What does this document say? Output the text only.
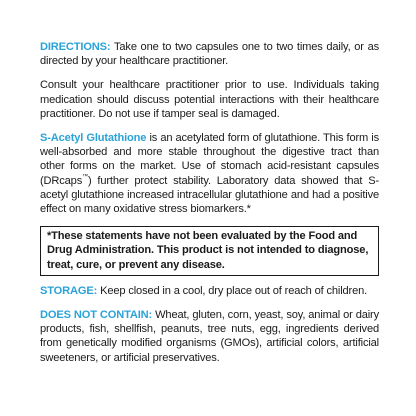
DIRECTIONS: Take one to two capsules one to two times daily, or as directed by your healthcare practitioner.

Consult your healthcare practitioner prior to use. Individuals taking medication should discuss potential interactions with their healthcare practitioner. Do not use if tamper seal is damaged.

S-Acetyl Glutathione is an acetylated form of glutathione. This form is well-absorbed and more stable throughout the digestive tract than other forms on the market. Use of stomach acid-resistant capsules (DRcaps™) further protect stability. Laboratory data showed that S-acetyl glutathione increased intracellular glutathione and had a positive effect on many oxidative stress biomarkers.*

*These statements have not been evaluated by the Food and Drug Administration. This product is not intended to diagnose, treat, cure, or prevent any disease.

STORAGE: Keep closed in a cool, dry place out of reach of children.

DOES NOT CONTAIN: Wheat, gluten, corn, yeast, soy, animal or dairy products, fish, shellfish, peanuts, tree nuts, egg, ingredients derived from genetically modified organisms (GMOs), artificial colors, artificial sweeteners, or artificial preservatives.
